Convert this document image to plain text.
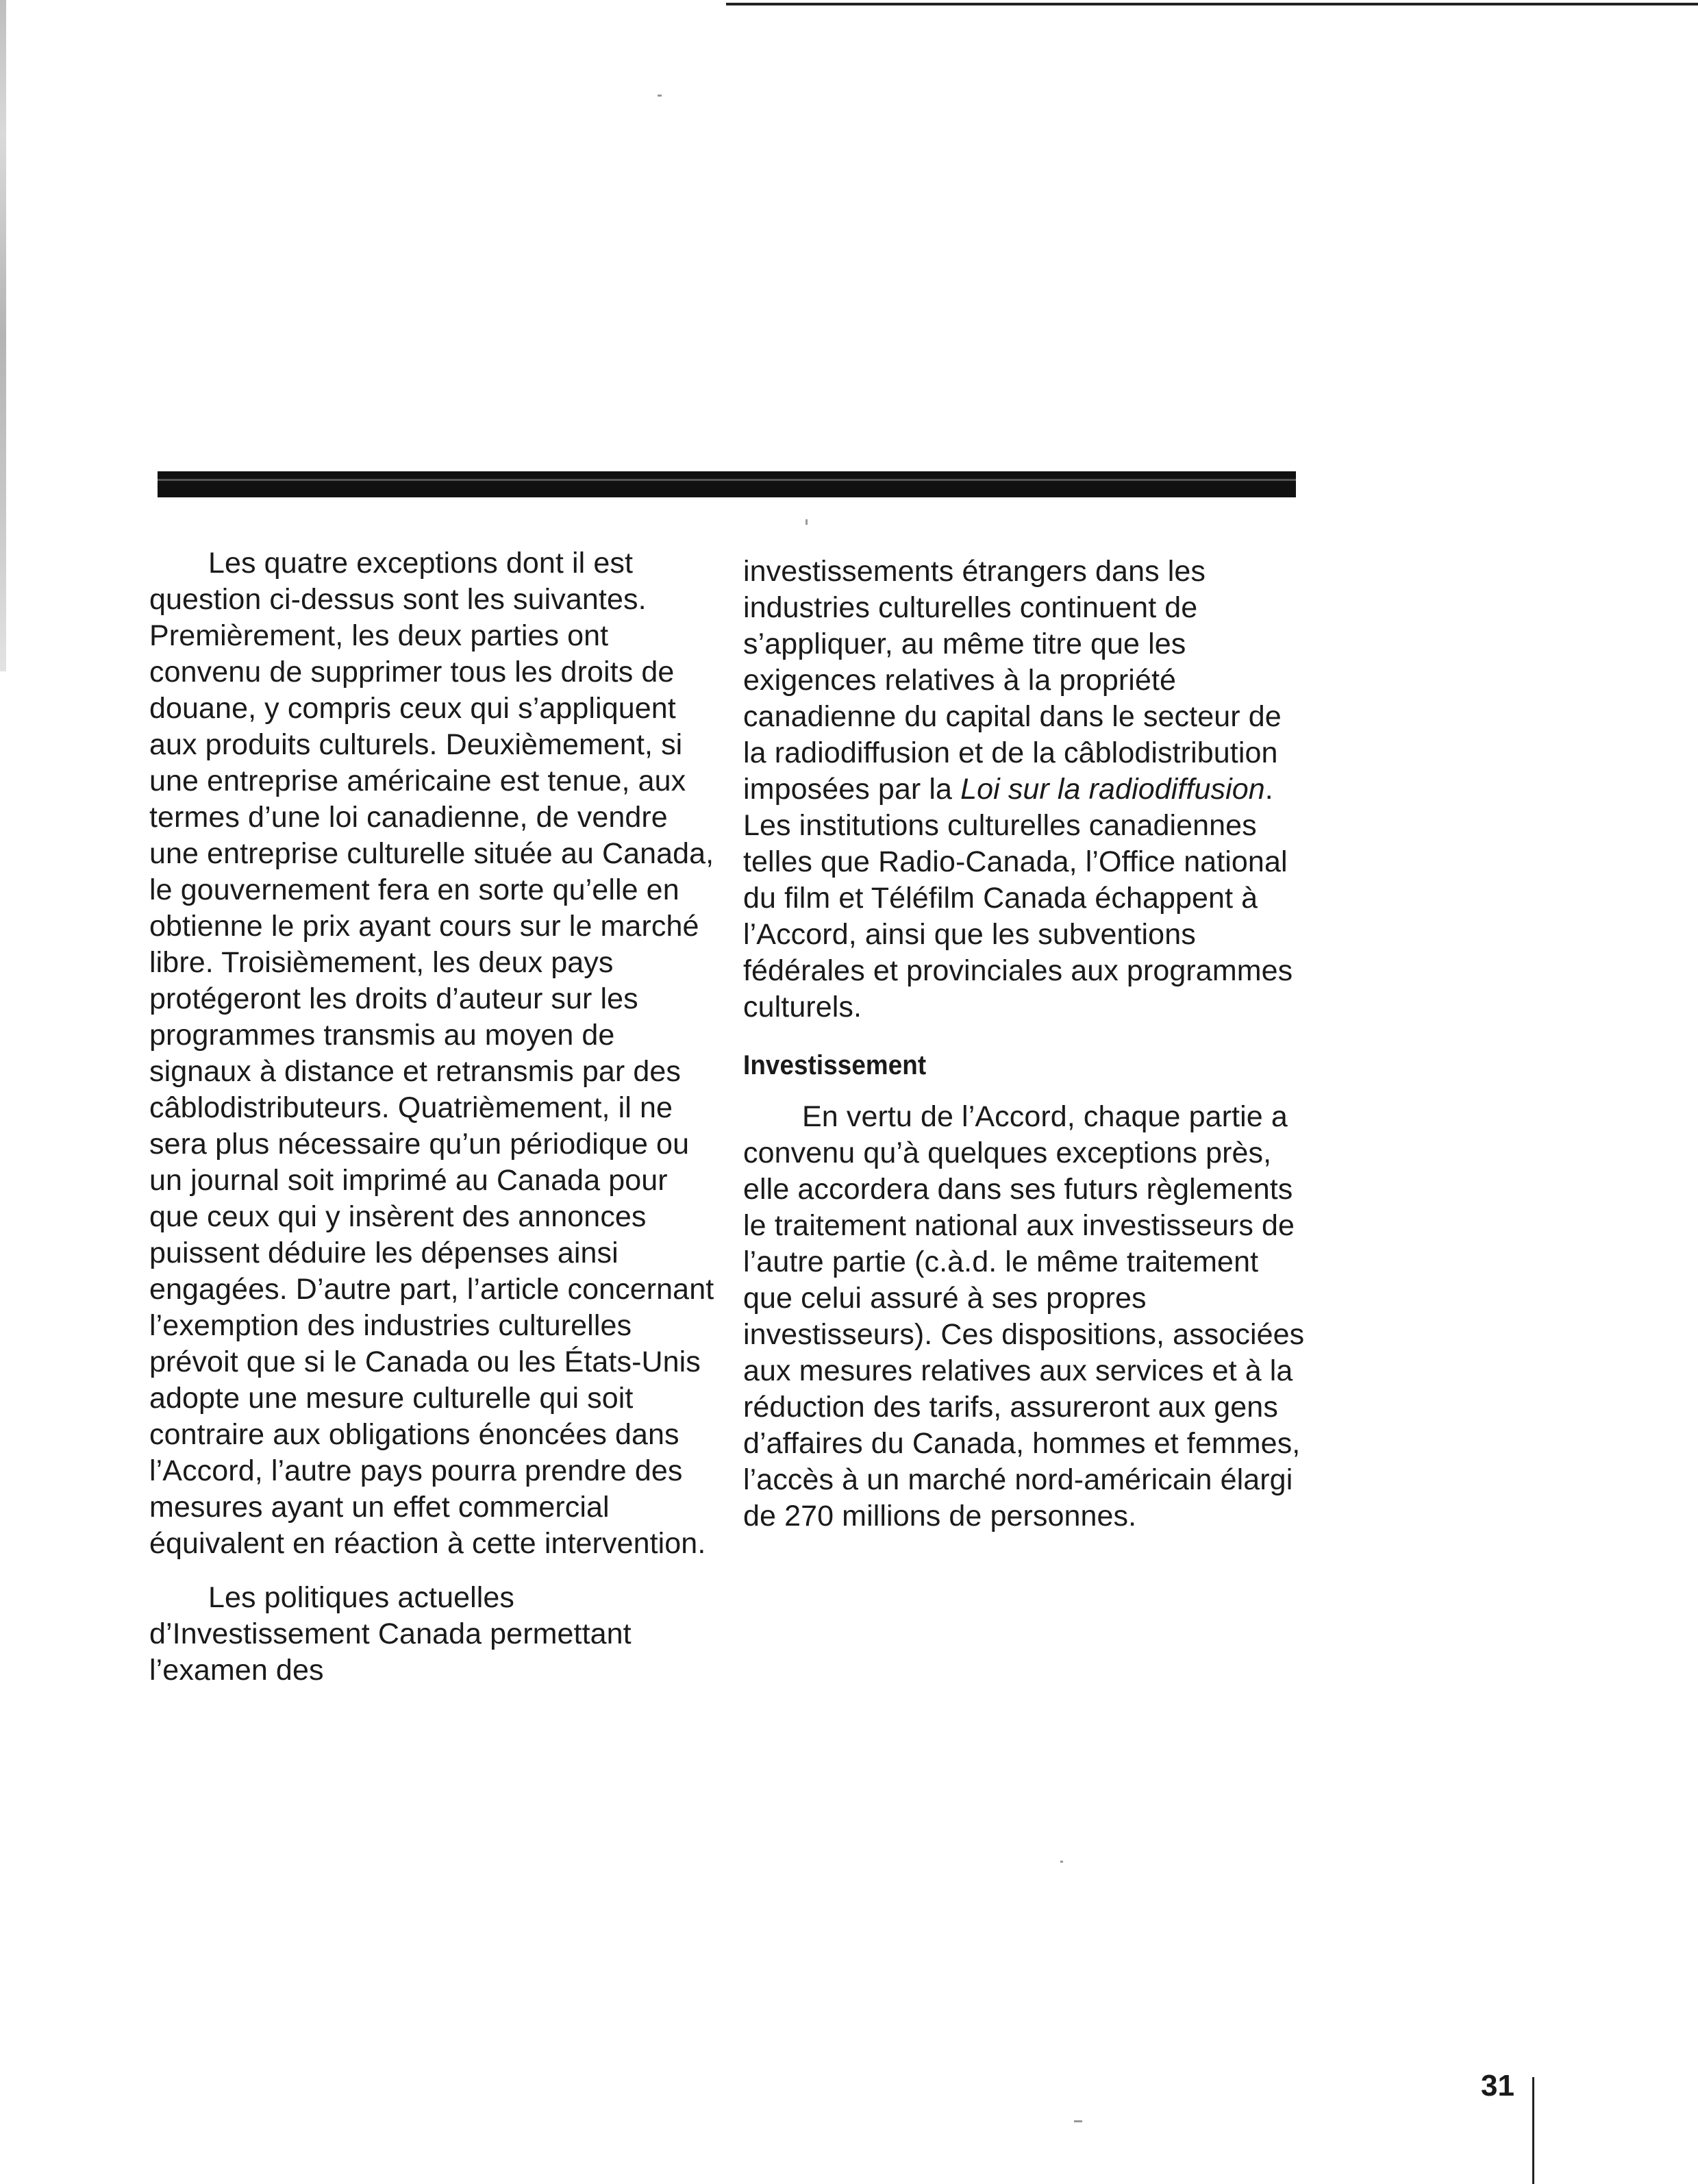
Les quatre exceptions dont il est question ci-dessus sont les suivantes. Premièrement, les deux parties ont convenu de supprimer tous les droits de douane, y compris ceux qui s’appliquent aux produits culturels. Deuxièmement, si une entreprise américaine est tenue, aux termes d’une loi canadienne, de vendre une entreprise culturelle située au Canada, le gouvernement fera en sorte qu’elle en obtienne le prix ayant cours sur le marché libre. Troisièmement, les deux pays protégeront les droits d’auteur sur les programmes transmis au moyen de signaux à distance et retransmis par des câblodistributeurs. Quatrièmement, il ne sera plus nécessaire qu’un périodique ou un journal soit imprimé au Canada pour que ceux qui y insèrent des annonces puissent déduire les dépenses ainsi engagées. D’autre part, l’article concernant l’exemption des industries culturelles prévoit que si le Canada ou les États-Unis adopte une mesure culturelle qui soit contraire aux obligations énoncées dans l’Accord, l’autre pays pourra prendre des mesures ayant un effet commercial équivalent en réaction à cette intervention.

Les politiques actuelles d’Investissement Canada permettant l’examen des

investissements étrangers dans les industries culturelles continuent de s’appliquer, au même titre que les exigences relatives à la propriété canadienne du capital dans le secteur de la radiodiffusion et de la câblodistribution imposées par la Loi sur la radiodiffusion. Les institutions culturelles canadiennes telles que Radio-Canada, l’Office national du film et Téléfilm Canada échappent à l’Accord, ainsi que les subventions fédérales et provinciales aux programmes culturels.

Investissement

En vertu de l’Accord, chaque partie a convenu qu’à quelques exceptions près, elle accordera dans ses futurs règlements le traitement national aux investisseurs de l’autre partie (c.à.d. le même traitement que celui assuré à ses propres investisseurs). Ces dispositions, associées aux mesures relatives aux services et à la réduction des tarifs, assureront aux gens d’affaires du Canada, hommes et femmes, l’accès à un marché nord-américain élargi de 270 millions de personnes.

31
